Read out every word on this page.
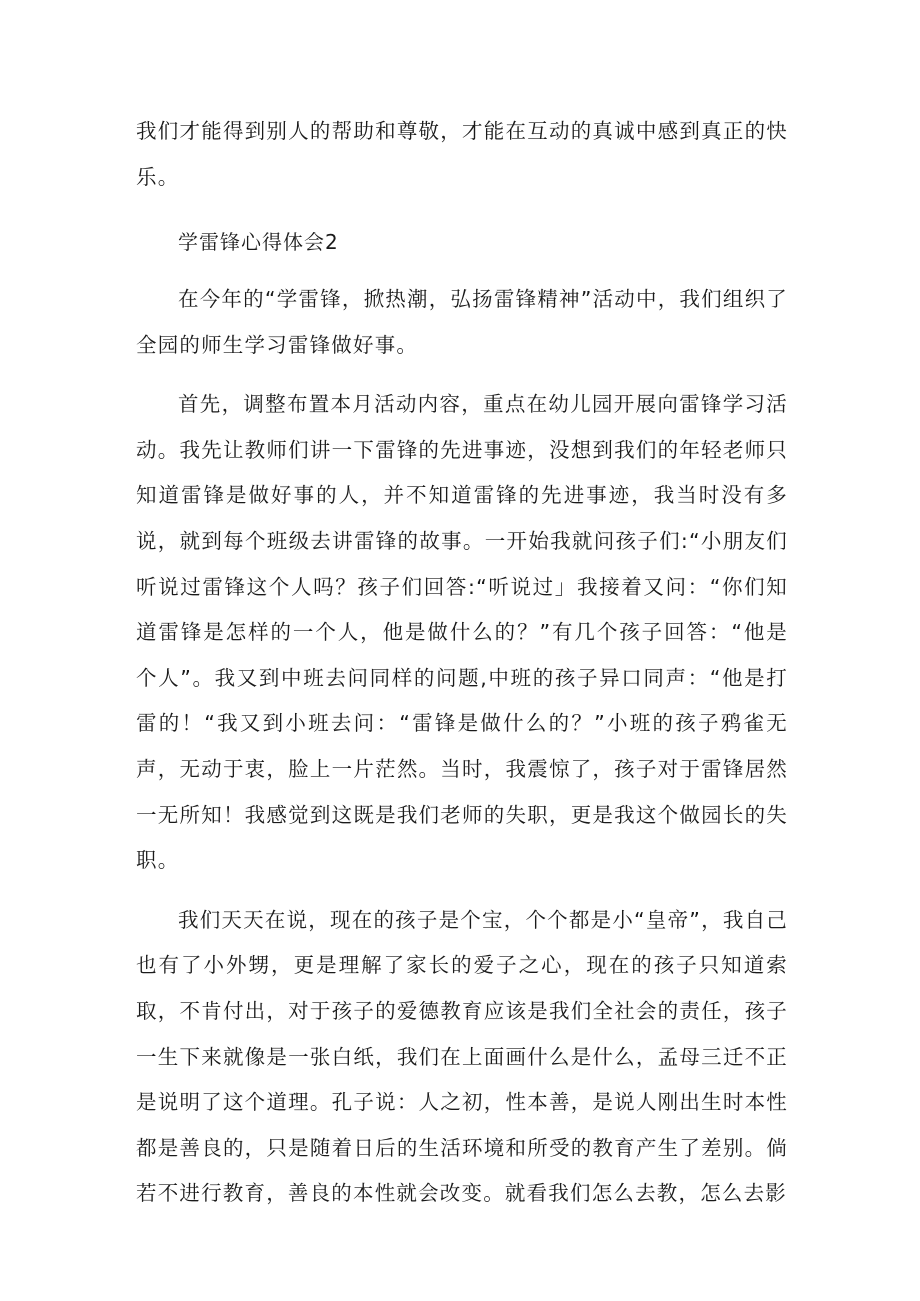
我们才能得到别人的帮助和尊敬，才能在互动的真诚中感到真正的快乐。

学雷锋心得体会2

在今年的“学雷锋，掀热潮，弘扬雷锋精神”活动中，我们组织了全园的师生学习雷锋做好事。

首先，调整布置本月活动内容，重点在幼儿园开展向雷锋学习活动。我先让教师们讲一下雷锋的先进事迹，没想到我们的年轻老师只知道雷锋是做好事的人，并不知道雷锋的先进事迹，我当时没有多说，就到每个班级去讲雷锋的故事。一开始我就问孩子们:“小朋友们听说过雷锋这个人吗？孩子们回答:“听说过」我接着又问：“你们知道雷锋是怎样的一个人，他是做什么的？”有几个孩子回答：“他是个人”。我又到中班去问同样的问题,中班的孩子异口同声：“他是打雷的！“我又到小班去问：“雷锋是做什么的？”小班的孩子鸦雀无声，无动于衷，脸上一片茫然。当时，我震惊了，孩子对于雷锋居然一无所知！我感觉到这既是我们老师的失职，更是我这个做园长的失职。

我们天天在说，现在的孩子是个宝，个个都是小“皇帝”，我自己也有了小外甥，更是理解了家长的爱子之心，现在的孩子只知道索取，不肯付出，对于孩子的爱德教育应该是我们全社会的责任，孩子一生下来就像是一张白纸，我们在上面画什么是什么，孟母三迁不正是说明了这个道理。孔子说：人之初，性本善，是说人刚出生时本性都是善良的，只是随着日后的生活环境和所受的教育产生了差别。倘若不进行教育，善良的本性就会改变。就看我们怎么去教，怎么去影
